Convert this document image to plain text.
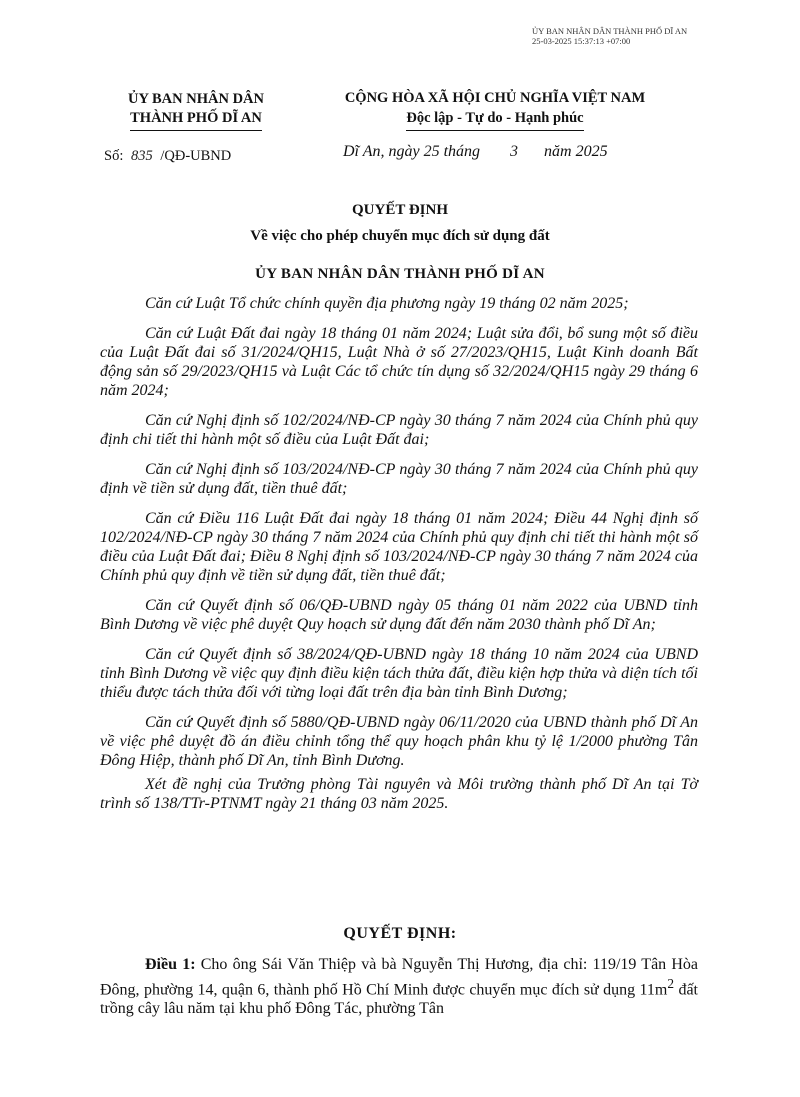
ỦY BAN NHÂN DÂN THÀNH PHỐ DĨ AN
25-03-2025 15:37:13 +07:00
ỦY BAN NHÂN DÂN
THÀNH PHỐ DĨ AN
CỘNG HÒA XÃ HỘI CHỦ NGHĨA VIỆT NAM
Độc lập - Tự do - Hạnh phúc
Số: 835 /QĐ-UBND	Dĩ An, ngày 25 tháng 3 năm 2025
QUYẾT ĐỊNH
Về việc cho phép chuyển mục đích sử dụng đất
ỦY BAN NHÂN DÂN THÀNH PHỐ DĨ AN

Căn cứ Luật Tổ chức chính quyền địa phương ngày 19 tháng 02 năm 2025;

Căn cứ Luật Đất đai ngày 18 tháng 01 năm 2024; Luật sửa đổi, bổ sung một số điều của Luật Đất đai số 31/2024/QH15, Luật Nhà ở số 27/2023/QH15, Luật Kinh doanh Bất động sản số 29/2023/QH15 và Luật Các tổ chức tín dụng số 32/2024/QH15 ngày 29 tháng 6 năm 2024;

Căn cứ Nghị định số 102/2024/NĐ-CP ngày 30 tháng 7 năm 2024 của Chính phủ quy định chi tiết thi hành một số điều của Luật Đất đai;

Căn cứ Nghị định số 103/2024/NĐ-CP ngày 30 tháng 7 năm 2024 của Chính phủ quy định về tiền sử dụng đất, tiền thuê đất;

Căn cứ Điều 116 Luật Đất đai ngày 18 tháng 01 năm 2024; Điều 44 Nghị định số 102/2024/NĐ-CP ngày 30 tháng 7 năm 2024 của Chính phủ quy định chi tiết thi hành một số điều của Luật Đất đai; Điều 8 Nghị định số 103/2024/NĐ-CP ngày 30 tháng 7 năm 2024 của Chính phủ quy định về tiền sử dụng đất, tiền thuê đất;

Căn cứ Quyết định số 06/QĐ-UBND ngày 05 tháng 01 năm 2022 của UBND tỉnh Bình Dương về việc phê duyệt Quy hoạch sử dụng đất đến năm 2030 thành phố Dĩ An;

Căn cứ Quyết định số 38/2024/QĐ-UBND ngày 18 tháng 10 năm 2024 của UBND tỉnh Bình Dương về việc quy định điều kiện tách thửa đất, điều kiện hợp thửa và diện tích tối thiểu được tách thửa đối với từng loại đất trên địa bàn tỉnh Bình Dương;

Căn cứ Quyết định số 5880/QĐ-UBND ngày 06/11/2020 của UBND thành phố Dĩ An về việc phê duyệt đồ án điều chỉnh tổng thể quy hoạch phân khu tỷ lệ 1/2000 phường Tân Đông Hiệp, thành phố Dĩ An, tỉnh Bình Dương.

Xét đề nghị của Trưởng phòng Tài nguyên và Môi trường thành phố Dĩ An tại Tờ trình số 138/TTr-PTNMT ngày 21 tháng 03 năm 2025.

QUYẾT ĐỊNH:

Điều 1: Cho ông Sái Văn Thiệp và bà Nguyễn Thị Hương, địa chỉ: 119/19 Tân Hòa Đông, phường 14, quận 6, thành phố Hồ Chí Minh được chuyển mục đích sử dụng $11m^2$ đất trồng cây lâu năm tại khu phố Đông Tác, phường Tân
